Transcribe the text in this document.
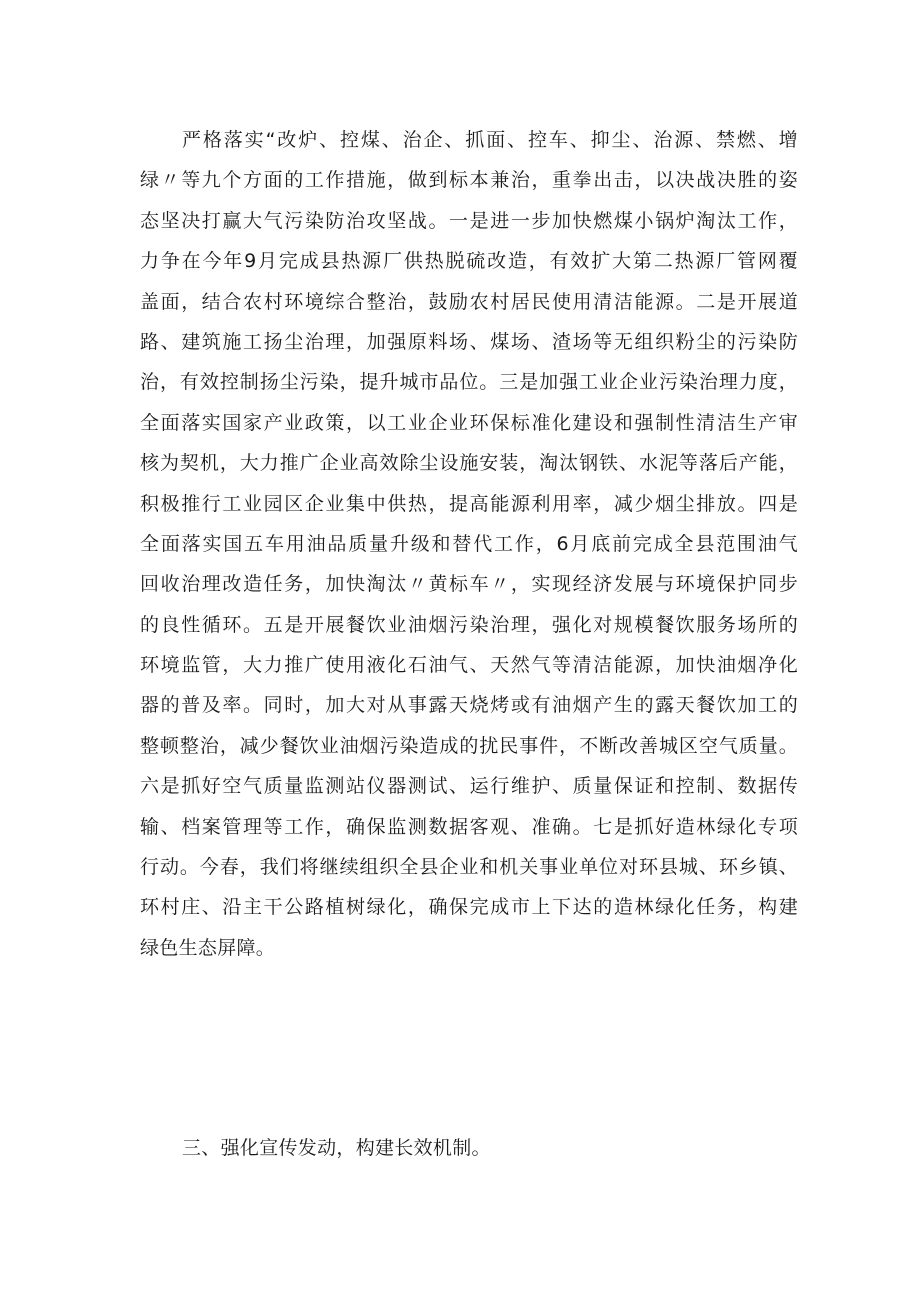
严格落实“改炉、控煤、治企、抓面、控车、抑尘、治源、禁燃、增
绿〃等九个方面的工作措施，做到标本兼治，重拳出击，以决战决胜的姿
态坚决打赢大气污染防治攻坚战。一是进一步加快燃煤小锅炉淘汰工作，
力争在今年9月完成县热源厂供热脱硫改造，有效扩大第二热源厂管网覆
盖面，结合农村环境综合整治，鼓励农村居民使用清洁能源。二是开展道
路、建筑施工扬尘治理，加强原料场、煤场、渣场等无组织粉尘的污染防
治，有效控制扬尘污染，提升城市品位。三是加强工业企业污染治理力度，
全面落实国家产业政策，以工业企业环保标准化建设和强制性清洁生产审
核为契机，大力推广企业高效除尘设施安装，淘汰钢铁、水泥等落后产能，
积极推行工业园区企业集中供热，提高能源利用率，减少烟尘排放。四是
全面落实国五车用油品质量升级和替代工作，6月底前完成全县范围油气
回收治理改造任务，加快淘汰〃黄标车〃，实现经济发展与环境保护同步
的良性循环。五是开展餐饮业油烟污染治理，强化对规模餐饮服务场所的
环境监管，大力推广使用液化石油气、天然气等清洁能源，加快油烟净化
器的普及率。同时，加大对从事露天烧烤或有油烟产生的露天餐饮加工的
整顿整治，减少餐饮业油烟污染造成的扰民事件，不断改善城区空气质量。
六是抓好空气质量监测站仪器测试、运行维护、质量保证和控制、数据传
输、档案管理等工作，确保监测数据客观、准确。七是抓好造林绿化专项
行动。今春，我们将继续组织全县企业和机关事业单位对环县城、环乡镇、
环村庄、沿主干公路植树绿化，确保完成市上下达的造林绿化任务，构建
绿色生态屏障。
三、强化宣传发动，构建长效机制。
